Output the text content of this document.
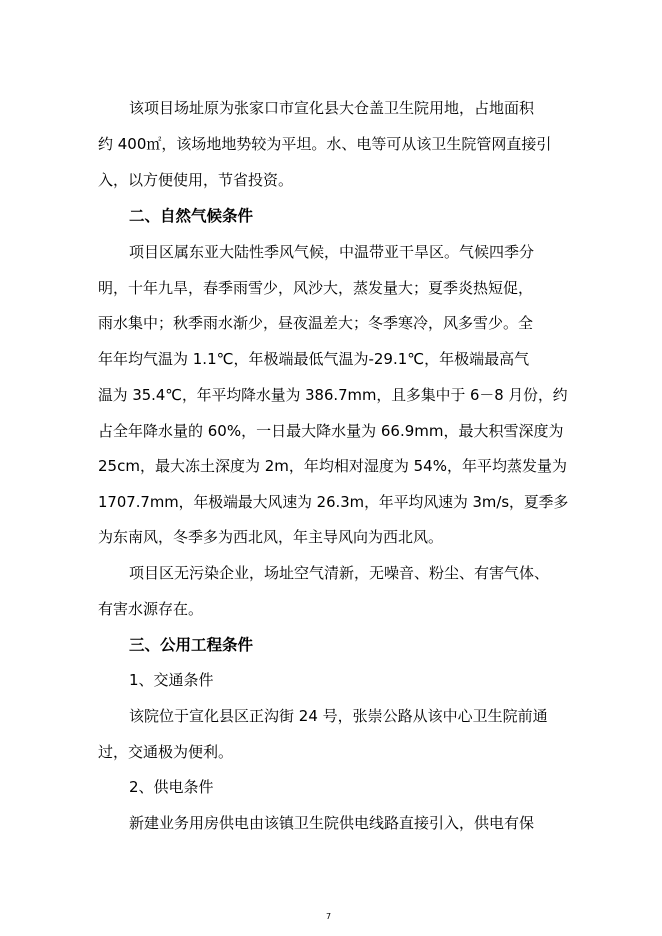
该项目场址原为张家口市宣化县大仓盖卫生院用地，占地面积
约 400㎡，该场地地势较为平坦。水、电等可从该卫生院管网直接引
入，以方便使用，节省投资。
二、自然气候条件
项目区属东亚大陆性季风气候，中温带亚干旱区。气候四季分
明，十年九旱，春季雨雪少，风沙大，蒸发量大；夏季炎热短促，
雨水集中；秋季雨水渐少，昼夜温差大；冬季寒冷，风多雪少。全
年年均气温为 1.1℃，年极端最低气温为-29.1℃，年极端最高气
温为 35.4℃，年平均降水量为 386.7mm，且多集中于 6－8 月份，约
占全年降水量的 60%，一日最大降水量为 66.9mm，最大积雪深度为
25cm，最大冻土深度为 2m，年均相对湿度为 54%，年平均蒸发量为
1707.7mm，年极端最大风速为 26.3m，年平均风速为 3m/s，夏季多
为东南风，冬季多为西北风，年主导风向为西北风。
项目区无污染企业，场址空气清新，无噪音、粉尘、有害气体、
有害水源存在。
三、公用工程条件
1、交通条件
该院位于宣化县区正沟街 24 号，张崇公路从该中心卫生院前通
过，交通极为便利。
2、供电条件
新建业务用房供电由该镇卫生院供电线路直接引入，供电有保
7
